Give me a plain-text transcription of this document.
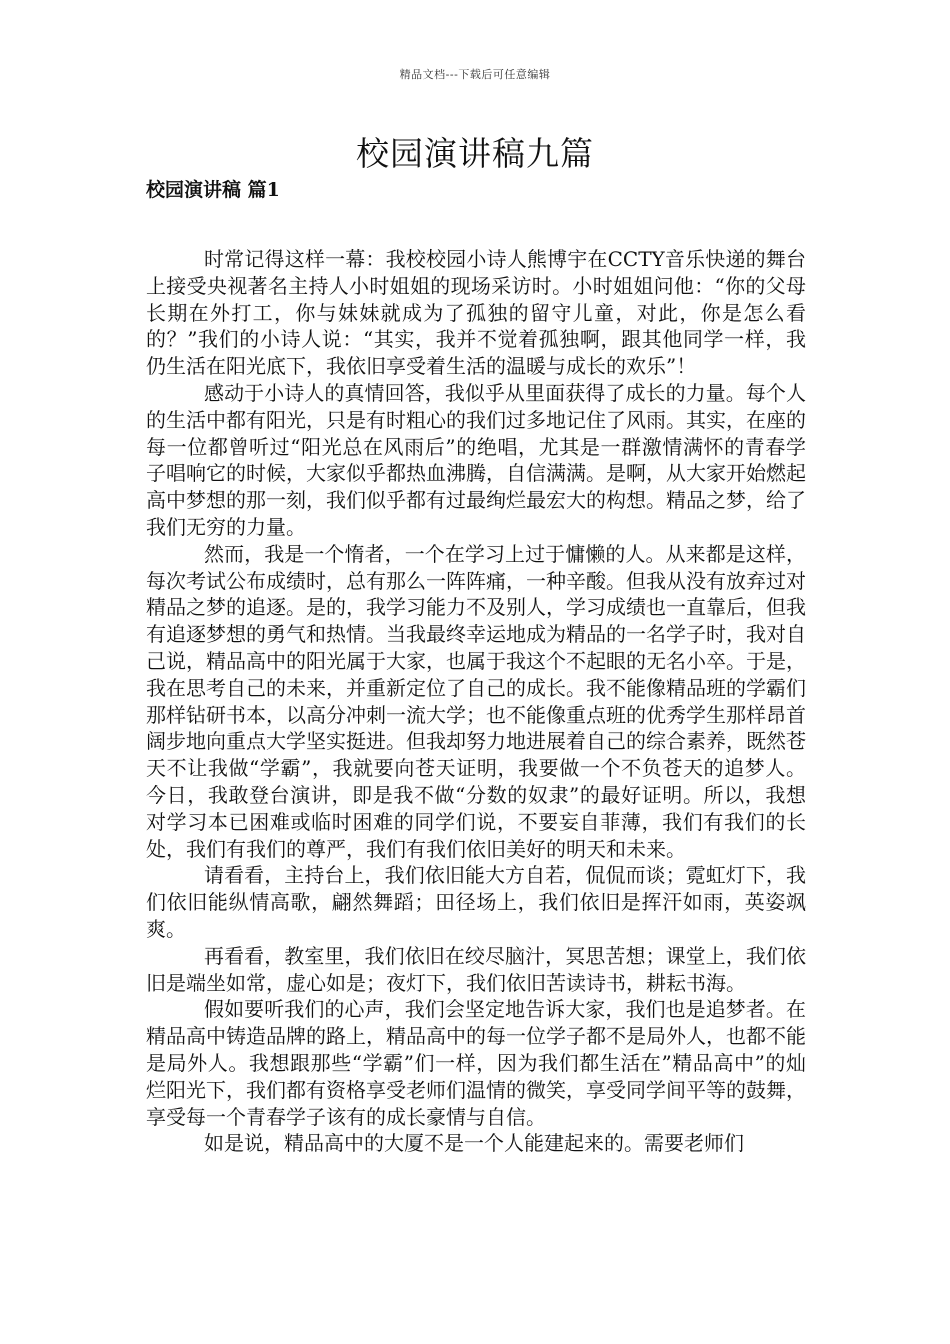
精品文档---下载后可任意编辑
校园演讲稿九篇
校园演讲稿 篇1

时常记得这样一幕：我校校园小诗人熊博宇在CCTY音乐快递的舞台上接受央视著名主持人小时姐姐的现场采访时。小时姐姐问他：“你的父母长期在外打工，你与妹妹就成为了孤独的留守儿童，对此，你是怎么看的？”我们的小诗人说：“其实，我并不觉着孤独啊，跟其他同学一样，我仍生活在阳光底下，我依旧享受着生活的温暖与成长的欢乐”！

感动于小诗人的真情回答，我似乎从里面获得了成长的力量。每个人的生活中都有阳光，只是有时粗心的我们过多地记住了风雨。其实，在座的每一位都曾听过“阳光总在风雨后”的绝唱，尤其是一群激情满怀的青春学子唱响它的时候，大家似乎都热血沸腾，自信满满。是啊，从大家开始燃起高中梦想的那一刻，我们似乎都有过最绚烂最宏大的构想。精品之梦，给了我们无穷的力量。

然而，我是一个惰者，一个在学习上过于慵懒的人。从来都是这样，每次考试公布成绩时，总有那么一阵阵痛，一种辛酸。但我从没有放弃过对精品之梦的追逐。是的，我学习能力不及别人，学习成绩也一直靠后，但我有追逐梦想的勇气和热情。当我最终幸运地成为精品的一名学子时，我对自己说，精品高中的阳光属于大家，也属于我这个不起眼的无名小卒。于是，我在思考自己的未来，并重新定位了自己的成长。我不能像精品班的学霸们那样钻研书本，以高分冲刺一流大学；也不能像重点班的优秀学生那样昂首阔步地向重点大学坚实挺进。但我却努力地进展着自己的综合素养，既然苍天不让我做“学霸”，我就要向苍天证明，我要做一个不负苍天的追梦人。今日，我敢登台演讲，即是我不做“分数的奴隶”的最好证明。所以，我想对学习本已困难或临时困难的同学们说，不要妄自菲薄，我们有我们的长处，我们有我们的尊严，我们有我们依旧美好的明天和未来。

请看看，主持台上，我们依旧能大方自若，侃侃而谈；霓虹灯下，我们依旧能纵情高歌，翩然舞蹈；田径场上，我们依旧是挥汗如雨，英姿飒爽。

再看看，教室里，我们依旧在绞尽脑汁，冥思苦想；课堂上，我们依旧是端坐如常，虚心如是；夜灯下，我们依旧苦读诗书，耕耘书海。

假如要听我们的心声，我们会坚定地告诉大家，我们也是追梦者。在精品高中铸造品牌的路上，精品高中的每一位学子都不是局外人，也都不能是局外人。我想跟那些“学霸”们一样，因为我们都生活在”精品高中”的灿烂阳光下，我们都有资格享受老师们温情的微笑，享受同学间平等的鼓舞，享受每一个青春学子该有的成长豪情与自信。

如是说，精品高中的大厦不是一个人能建起来的。需要老师们
